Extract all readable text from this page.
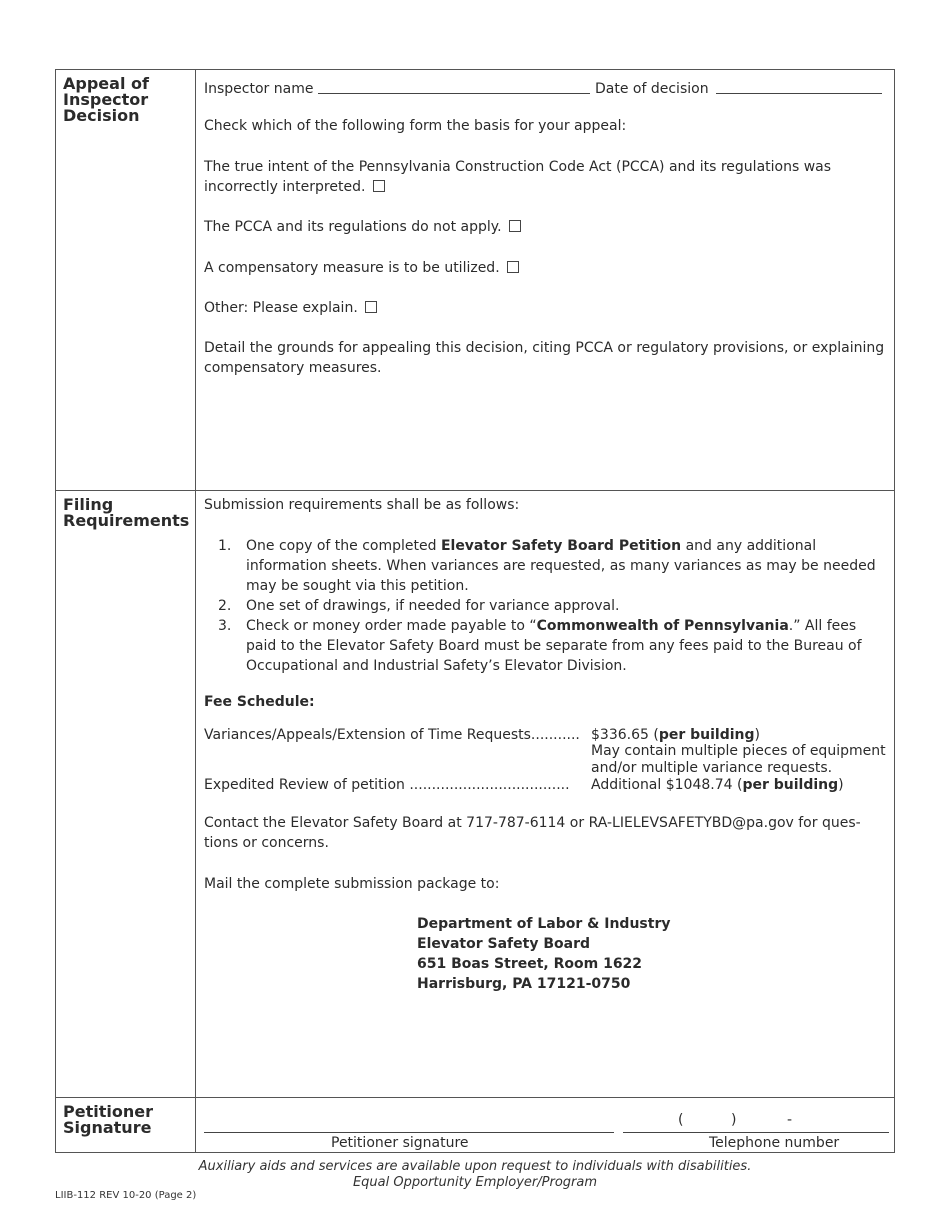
Appeal of

Inspector

Decision

Inspector name	Date of decision
Check which of the following form the basis for your appeal:
The true intent of the Pennsylvania Construction Code Act (PCCA) and its regulations was
incorrectly interpreted.
The PCCA and its regulations do not apply.
A compensatory measure is to be utilized.
Other: Please explain.
Detail the grounds for appealing this decision, citing PCCA or regulatory provisions, or explaining
compensatory measures.

Filing

Requirements

Submission requirements shall be as follows:
1. One copy of the completed Elevator Safety Board Petition and any additional information sheets. When variances are requested, as many variances as may be needed may be sought via this petition.
2. One set of drawings, if needed for variance approval.
3. Check or money order made payable to “Commonwealth of Pennsylvania.” All fees paid to the Elevator Safety Board must be separate from any fees paid to the Bureau of Occupational and Industrial Safety’s Elevator Division.
Fee Schedule:
Variances/Appeals/Extension of Time Requests........... $336.65 (per building)
May contain multiple pieces of equipment
and/or multiple variance requests.
Expedited Review of petition .................................... Additional $1048.74 (per building)
Contact the Elevator Safety Board at 717-787-6114 or RA-LIELEVSAFETYBD@pa.gov for ques-
tions or concerns.
Mail the complete submission package to:
Department of Labor & Industry
Elevator Safety Board
651 Boas Street, Room 1622
Harrisburg, PA 17121-0750

Petitioner

Signature

Petitioner signature
(	)	-
Telephone number
Auxiliary aids and services are available upon request to individuals with disabilities.
Equal Opportunity Employer/Program
LIIB-112 REV 10-20 (Page 2)
